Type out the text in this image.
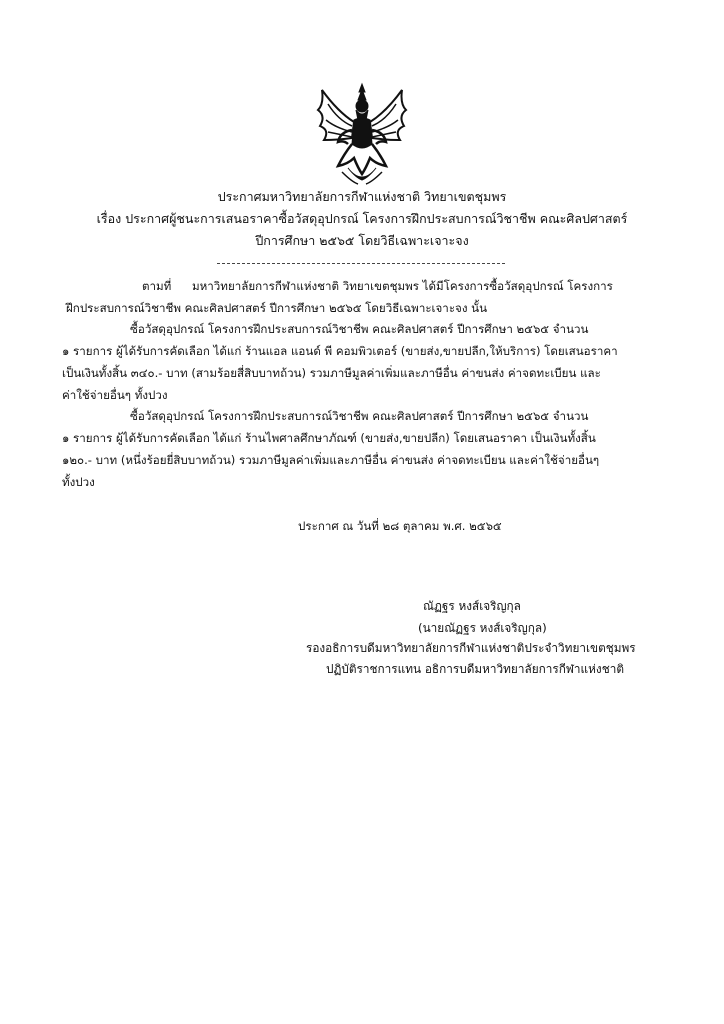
ประกาศมหาวิทยาลัยการกีฬาแห่งชาติ วิทยาเขตชุมพร
เรื่อง ประกาศผู้ชนะการเสนอราคาซื้อวัสดุอุปกรณ์ โครงการฝึกประสบการณ์วิชาชีพ คณะศิลปศาสตร์
ปีการศึกษา ๒๕๖๕ โดยวิธีเฉพาะเจาะจง
ตามที่ มหาวิทยาลัยการกีฬาแห่งชาติ วิทยาเขตชุมพร ได้มีโครงการซื้อวัสดุอุปกรณ์ โครงการ
ฝึกประสบการณ์วิชาชีพ คณะศิลปศาสตร์ ปีการศึกษา ๒๕๖๕ โดยวิธีเฉพาะเจาะจง นั้น
ซื้อวัสดุอุปกรณ์ โครงการฝึกประสบการณ์วิชาชีพ คณะศิลปศาสตร์ ปีการศึกษา ๒๕๖๕ จำนวน
๑ รายการ ผู้ได้รับการคัดเลือก ได้แก่ ร้านแอล แอนด์ พี คอมพิวเตอร์ (ขายส่ง,ขายปลีก,ให้บริการ) โดยเสนอราคา
เป็นเงินทั้งสิ้น ๓๔๐.- บาท (สามร้อยสี่สิบบาทถ้วน) รวมภาษีมูลค่าเพิ่มและภาษีอื่น ค่าขนส่ง ค่าจดทะเบียน และ
ค่าใช้จ่ายอื่นๆ ทั้งปวง
ซื้อวัสดุอุปกรณ์ โครงการฝึกประสบการณ์วิชาชีพ คณะศิลปศาสตร์ ปีการศึกษา ๒๕๖๕ จำนวน
๑ รายการ ผู้ได้รับการคัดเลือก ได้แก่ ร้านไพศาลศึกษาภัณฑ์ (ขายส่ง,ขายปลีก) โดยเสนอราคา เป็นเงินทั้งสิ้น
๑๒๐.- บาท (หนึ่งร้อยยี่สิบบาทถ้วน) รวมภาษีมูลค่าเพิ่มและภาษีอื่น ค่าขนส่ง ค่าจดทะเบียน และค่าใช้จ่ายอื่นๆ
ทั้งปวง
ประกาศ ณ วันที่ ๒๘ ตุลาคม พ.ศ. ๒๕๖๕
ณัฏฐร หงส์เจริญกุล
(นายณัฏฐร หงส์เจริญกุล)
รองอธิการบดีมหาวิทยาลัยการกีฬาแห่งชาติประจำวิทยาเขตชุมพร
ปฏิบัติราชการแทน อธิการบดีมหาวิทยาลัยการกีฬาแห่งชาติ
